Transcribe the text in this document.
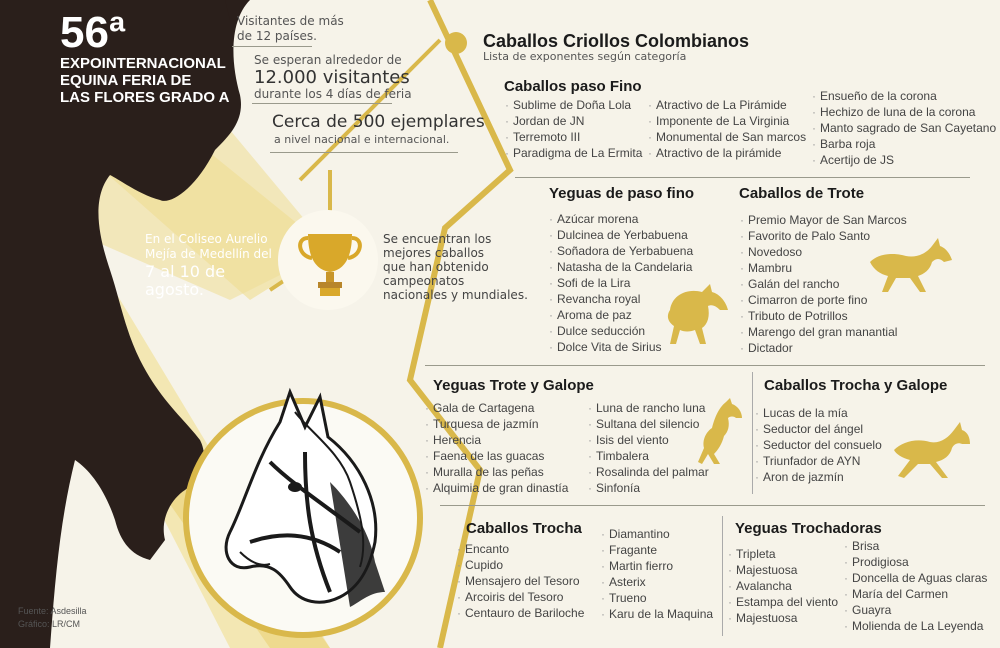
56ª
EXPOINTERNACIONAL
EQUINA FERIA DE
LAS FLORES GRADO A
Visitantes de más
de 12 países.
Se esperan alrededor de
12.000 visitantes
durante los 4 días de feria
Cerca de 500 ejemplares
a nivel nacional e internacional.
En el Coliseo Aurelio
Mejía de Medellín del
7 al 10 de
agosto.
Se encuentran los
mejores caballos
que han obtenido
campeonatos
nacionales y mundiales.
Caballos Criollos Colombianos
Lista de exponentes según categoría
Caballos paso Fino
· Sublime de Doña Lola
· Jordan de JN
· Terremoto III
· Paradigma de La Ermita
· Atractivo de La Pirámide
· Imponente de La Virginia
· Monumental de San marcos
· Atractivo de la pirámide
· Ensueño de la corona
· Hechizo de luna de la corona
· Manto sagrado de San Cayetano
· Barba roja
· Acertijo de JS
Yeguas de paso fino
· Azúcar morena
· Dulcinea de Yerbabuena
· Soñadora de Yerbabuena
· Natasha de la Candelaria
· Sofi de la Lira
· Revancha royal
· Aroma de paz
· Dulce seducción
· Dolce Vita de Sirius
Caballos de Trote
· Premio Mayor de San Marcos
· Favorito de Palo Santo
· Novedoso
· Mambru
· Galán del rancho
· Cimarron de porte fino
· Tributo de Potrillos
· Marengo del gran manantial
· Dictador
Yeguas Trote y Galope
· Gala de Cartagena
· Turquesa de jazmín
· Herencia
· Faena de las guacas
· Muralla de las peñas
· Alquimia de gran dinastía
· Luna de rancho luna
· Sultana del silencio
· Isis del viento
· Timbalera
· Rosalinda del palmar
· Sinfonía
Caballos Trocha y Galope
· Lucas de la mía
· Seductor del ángel
· Seductor del consuelo
· Triunfador de AYN
· Aron de jazmín
Caballos Trocha
· Encanto
· Cupido
· Mensajero del Tesoro
· Arcoiris del Tesoro
· Centauro de Bariloche
· Diamantino
· Fragante
· Martin fierro
· Asterix
· Trueno
· Karu de la Maquina
Yeguas Trochadoras
· Tripleta
· Majestuosa
· Avalancha
· Estampa del viento
· Majestuosa
· Brisa
· Prodigiosa
· Doncella de Aguas claras
· María del Carmen
· Guayra
· Molienda de La Leyenda
Fuente: Asdesilla
Gráfico: LR/CM
